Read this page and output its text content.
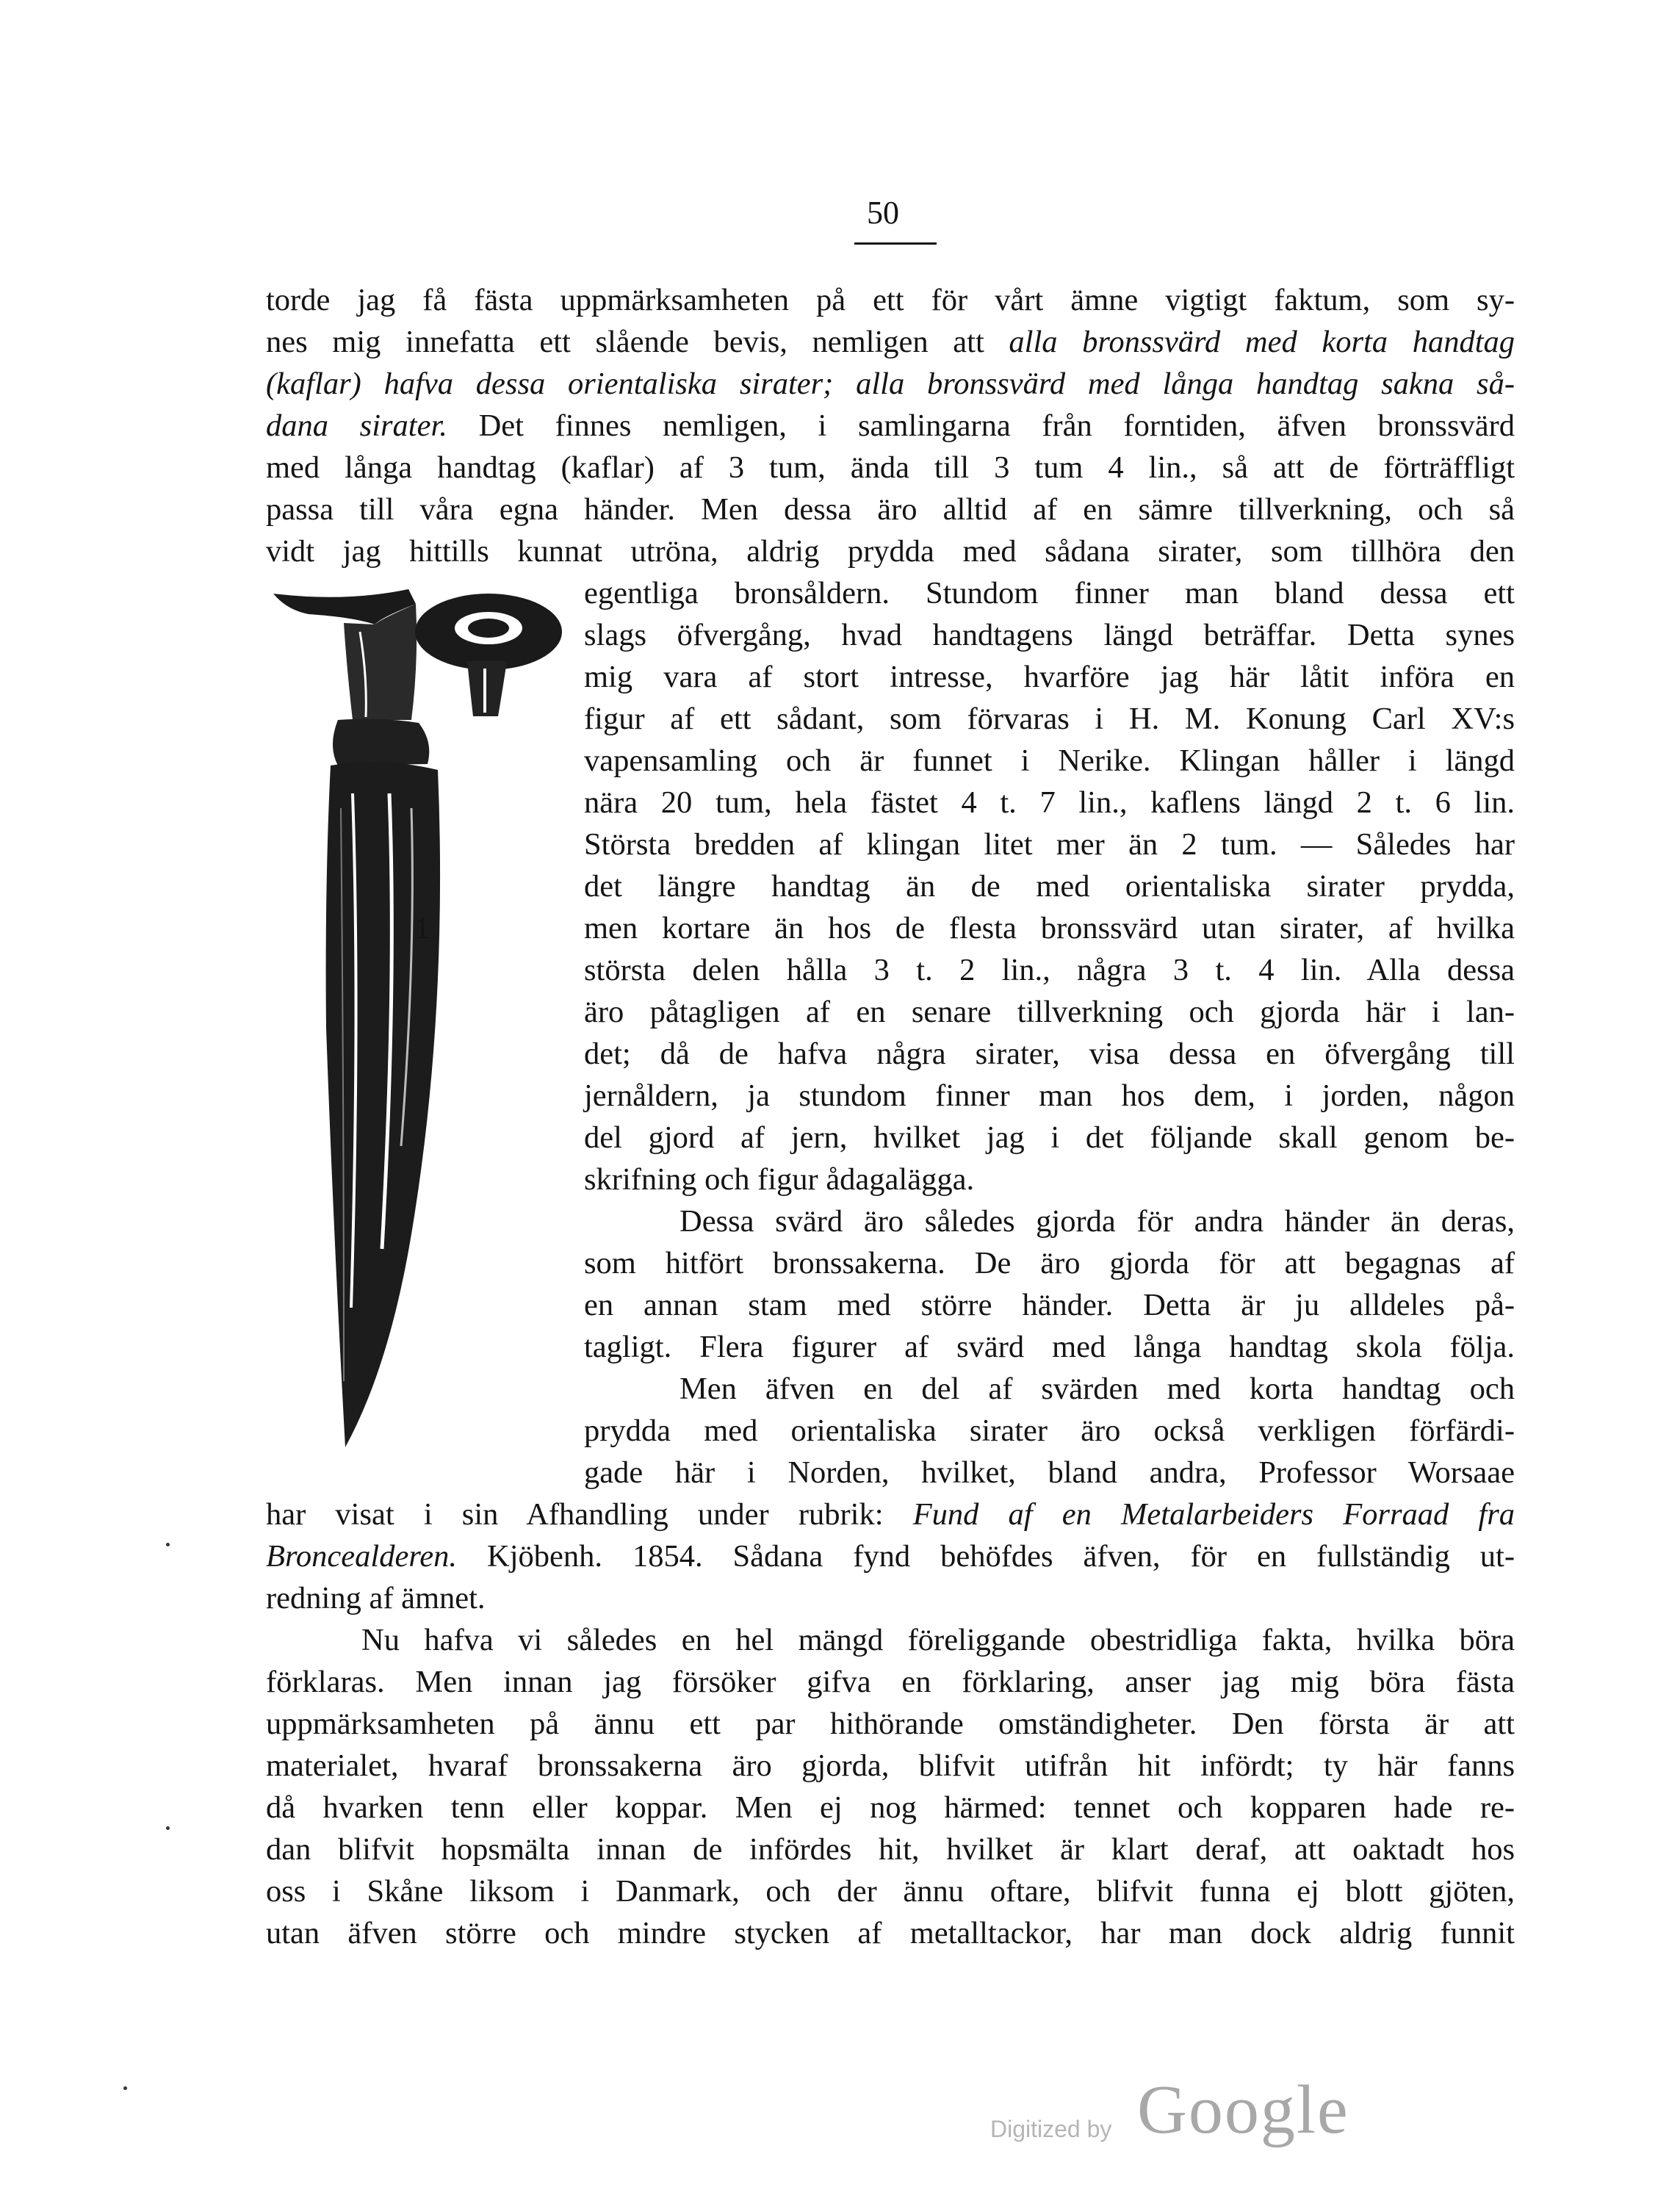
50
torde jag få fästa uppmärksamheten på ett för vårt ämne vigtigt faktum, som sy-
nes mig innefatta ett slående bevis, nemligen att alla bronssvärd med korta handtag
(kaflar) hafva dessa orientaliska sirater; alla bronssvärd med långa handtag sakna så-
dana sirater. Det finnes nemligen, i samlingarna från forntiden, äfven bronssvärd
med långa handtag (kaflar) af 3 tum, ända till 3 tum 4 lin., så att de förträffligt
passa till våra egna händer. Men dessa äro alltid af en sämre tillverkning, och så
vidt jag hittills kunnat utröna, aldrig prydda med sådana sirater, som tillhöra den
1
egentliga bronsåldern. Stundom finner man bland dessa ett
slags öfvergång, hvad handtagens längd beträffar. Detta synes
mig vara af stort intresse, hvarföre jag här låtit införa en
figur af ett sådant, som förvaras i H. M. Konung Carl XV:s
vapensamling och är funnet i Nerike. Klingan håller i längd
nära 20 tum, hela fästet 4 t. 7 lin., kaflens längd 2 t. 6 lin.
Största bredden af klingan litet mer än 2 tum. — Således har
det längre handtag än de med orientaliska sirater prydda,
men kortare än hos de flesta bronssvärd utan sirater, af hvilka
största delen hålla 3 t. 2 lin., några 3 t. 4 lin. Alla dessa
äro påtagligen af en senare tillverkning och gjorda här i lan-
det; då de hafva några sirater, visa dessa en öfvergång till
jernåldern, ja stundom finner man hos dem, i jorden, någon
del gjord af jern, hvilket jag i det följande skall genom be-
skrifning och figur ådagalägga.
Dessa svärd äro således gjorda för andra händer än deras,
som hitfört bronssakerna. De äro gjorda för att begagnas af
en annan stam med större händer. Detta är ju alldeles på-
tagligt. Flera figurer af svärd med långa handtag skola följa.
Men äfven en del af svärden med korta handtag och
prydda med orientaliska sirater äro också verkligen förfärdi-
gade här i Norden, hvilket, bland andra, Professor Worsaae
har visat i sin Afhandling under rubrik: Fund af en Metalarbeiders Forraad fra
Broncealderen. Kjöbenh. 1854. Sådana fynd behöfdes äfven, för en fullständig ut-
redning af ämnet.
Nu hafva vi således en hel mängd föreliggande obestridliga fakta, hvilka böra
förklaras. Men innan jag försöker gifva en förklaring, anser jag mig böra fästa
uppmärksamheten på ännu ett par hithörande omständigheter. Den första är att
materialet, hvaraf bronssakerna äro gjorda, blifvit utifrån hit infördt; ty här fanns
då hvarken tenn eller koppar. Men ej nog härmed: tennet och kopparen hade re-
dan blifvit hopsmälta innan de infördes hit, hvilket är klart deraf, att oaktadt hos
oss i Skåne liksom i Danmark, och der ännu oftare, blifvit funna ej blott gjöten,
utan äfven större och mindre stycken af metalltackor, har man dock aldrig funnit
Digitized by Google
